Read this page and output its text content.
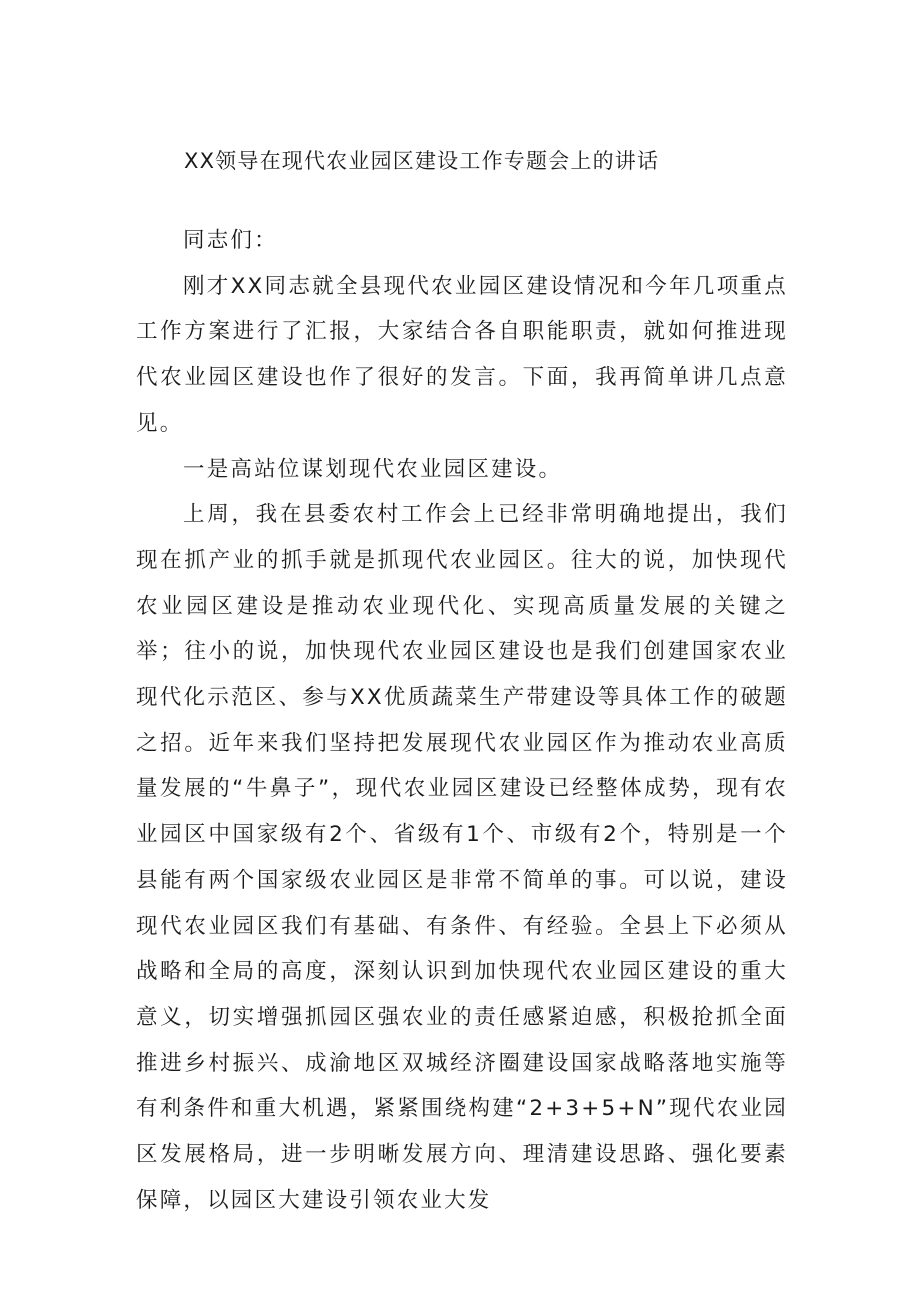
XX领导在现代农业园区建设工作专题会上的讲话

同志们：

刚才XX同志就全县现代农业园区建设情况和今年几项重点工作方案进行了汇报，大家结合各自职能职责，就如何推进现代农业园区建设也作了很好的发言。下面，我再简单讲几点意见。

一是高站位谋划现代农业园区建设。

上周，我在县委农村工作会上已经非常明确地提出，我们现在抓产业的抓手就是抓现代农业园区。往大的说，加快现代农业园区建设是推动农业现代化、实现高质量发展的关键之举；往小的说，加快现代农业园区建设也是我们创建国家农业现代化示范区、参与XX优质蔬菜生产带建设等具体工作的破题之招。近年来我们坚持把发展现代农业园区作为推动农业高质量发展的“牛鼻子”，现代农业园区建设已经整体成势，现有农业园区中国家级有2个、省级有1个、市级有2个，特别是一个县能有两个国家级农业园区是非常不简单的事。可以说，建设现代农业园区我们有基础、有条件、有经验。全县上下必须从战略和全局的高度，深刻认识到加快现代农业园区建设的重大意义，切实增强抓园区强农业的责任感紧迫感，积极抢抓全面推进乡村振兴、成渝地区双城经济圈建设国家战略落地实施等有利条件和重大机遇，紧紧围绕构建“2+3+5+N”现代农业园区发展格局，进一步明晰发展方向、理清建设思路、强化要素保障，以园区大建设引领农业大发
